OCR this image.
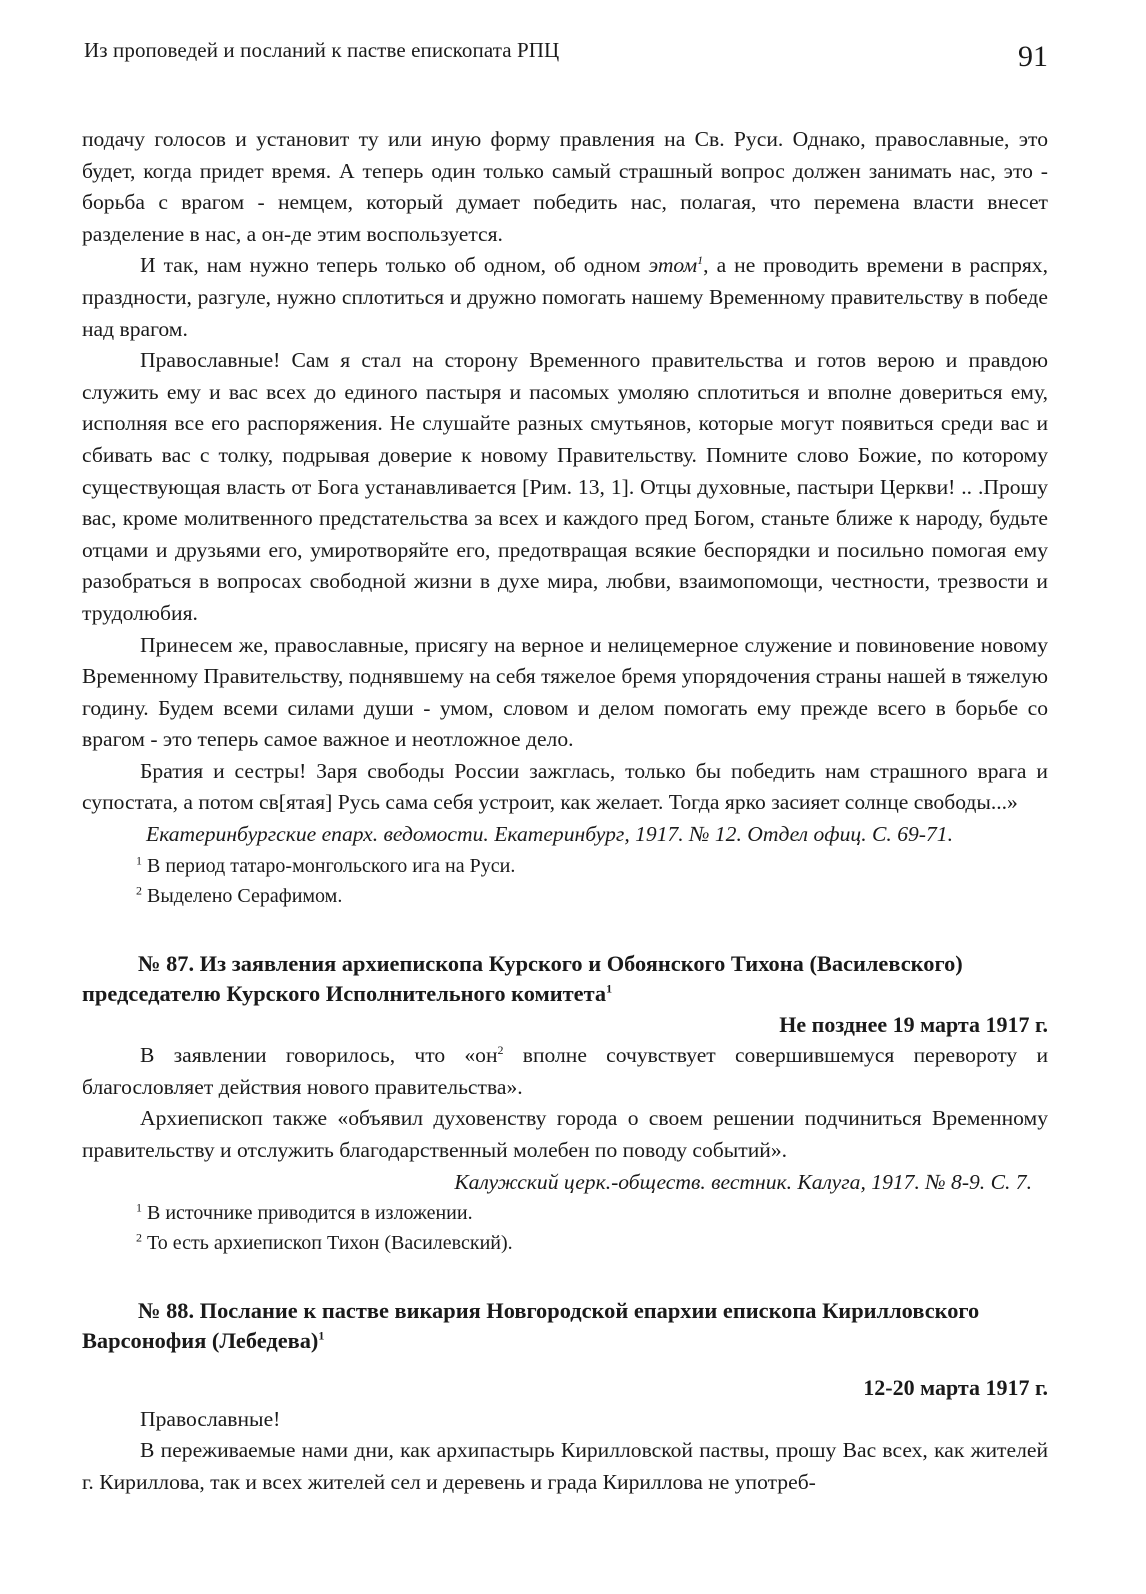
Из проповедей и посланий к пастве епископата РПЦ	91

подачу голосов и установит ту или иную форму правления на Св. Руси. Однако, православные, это будет, когда придет время. А теперь один только самый страшный вопрос должен занимать нас, это - борьба с врагом - немцем, который думает победить нас, полагая, что перемена власти внесет разделение в нас, а он-де этим воспользуется.

И так, нам нужно теперь только об одном, об одном этом$^1$, а не проводить времени в распрях, праздности, разгуле, нужно сплотиться и дружно помогать нашему Временному правительству в победе над врагом.

Православные! Сам я стал на сторону Временного правительства и готов верою и правдою служить ему и вас всех до единого пастыря и пасомых умоляю сплотиться и вполне довериться ему, исполняя все его распоряжения. Не слушайте разных смутьянов, которые могут появиться среди вас и сбивать вас с толку, подрывая доверие к новому Правительству. Помните слово Божие, по которому существующая власть от Бога устанавливается [Рим. 13, 1]. Отцы духовные, пастыри Церкви! .. .Прошу вас, кроме молитвенного предстательства за всех и каждого пред Богом, станьте ближе к народу, будьте отцами и друзьями его, умиротворяйте его, предотвращая всякие беспорядки и посильно помогая ему разобраться в вопросах свободной жизни в духе мира, любви, взаимопомощи, честности, трезвости и трудолюбия.

Принесем же, православные, присягу на верное и нелицемерное служение и повиновение новому Временному Правительству, поднявшему на себя тяжелое бремя упорядочения страны нашей в тяжелую годину. Будем всеми силами души - умом, словом и делом помогать ему прежде всего в борьбе со врагом - это теперь самое важное и неотложное дело.

Братия и сестры! Заря свободы России зажглась, только бы победить нам страшного врага и супостата, а потом св[ятая] Русь сама себя устроит, как желает. Тогда ярко засияет солнце свободы...»

Екатеринбургские епарх. ведомости. Екатеринбург, 1917. № 12. Отдел офиц. С. 69-71.

$^1$ В период татаро-монгольского ига на Руси.

$^2$ Выделено Серафимом.

№ 87. Из заявления архиепископа Курского и Обоянского Тихона (Василевского) председателю Курского Исполнительного комитета$^1$

Не позднее 19 марта 1917 г.

В заявлении говорилось, что «$он^2$ вполне сочувствует совершившемуся перевороту и благословляет действия нового правительства».

Архиепископ также «объявил духовенству города о своем решении подчиниться Временному правительству и отслужить благодарственный молебен по поводу событий».

Калужский церк.-обществ. вестник. Калуга, 1917. № 8-9. С. 7.

$^1$ В источнике приводится в изложении.

$^2$ То есть архиепископ Тихон (Василевский).

№ 88. Послание к пастве викария Новгородской епархии епископа Кирилловского Варсонофия (Лебедева)$^1$

12-20 марта 1917 г.

Православные!

В переживаемые нами дни, как архипастырь Кирилловской паствы, прошу Вас всех, как жителей г. Кириллова, так и всех жителей сел и деревень и града Кириллова не употреб-
